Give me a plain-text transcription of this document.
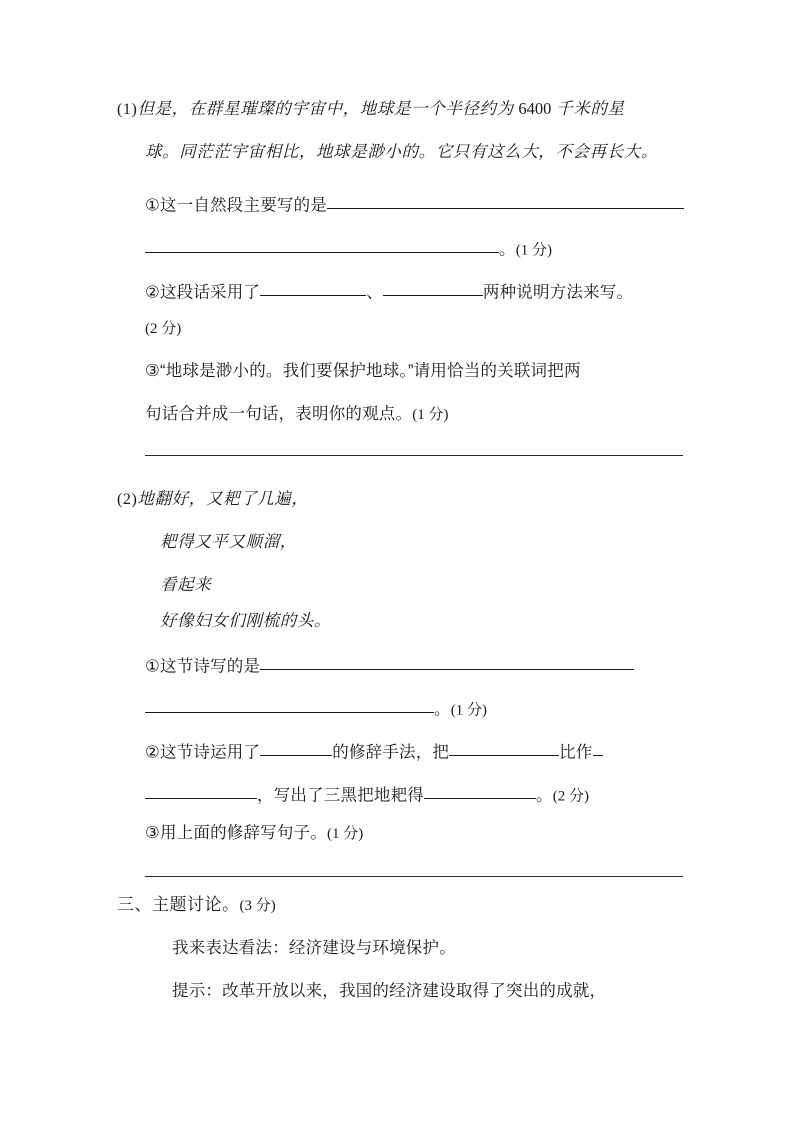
(1)但是，在群星璀璨的宇宙中，地球是一个半径约为 6400 千米的星
球。同茫茫宇宙相比，地球是渺小的。它只有这么大，不会再长大。
①这一自然段主要写的是
。(1 分)
②这段话采用了	、	两种说明方法来写。
(2 分)
③“地球是渺小的。我们要保护地球。”请用恰当的关联词把两
句话合并成一句话，表明你的观点。(1 分)
(2)地翻好，又耙了几遍，
耙得又平又顺溜，
看起来
好像妇女们刚梳的头。
①这节诗写的是
。(1 分)
②这节诗运用了	的修辞手法，把	比作
，写出了三黑把地耙得	。(2 分)
③用上面的修辞写句子。(1 分)
三、主题讨论。(3 分)
我来表达看法：经济建设与环境保护。
提示：改革开放以来，我国的经济建设取得了突出的成就，
